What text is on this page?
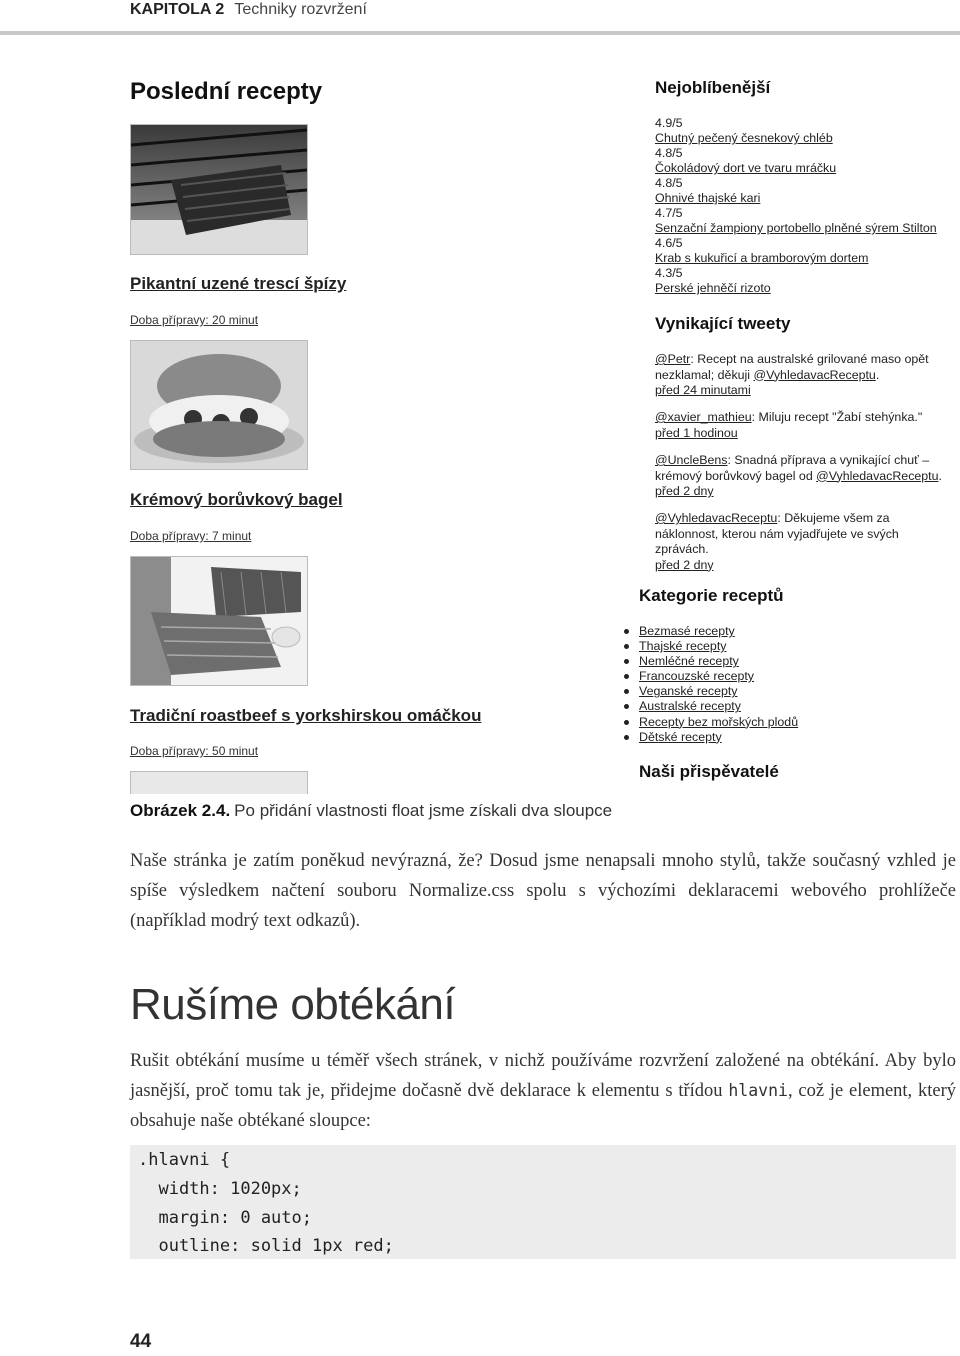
KAPITOLA 2 Techniky rozvržení
Poslední recepty
Pikantní uzené trescí špízy
Doba přípravy: 20 minut
Krémový borůvkový bagel
Doba přípravy: 7 minut
Tradiční roastbeef s yorkshirskou omáčkou
Doba přípravy: 50 minut
Nejoblíbenější
4.9/5
Chutný pečený česnekový chléb
4.8/5
Čokoládový dort ve tvaru mráčku
4.8/5
Ohnivé thajské kari
4.7/5
Senzační žampiony portobello plněné sýrem Stilton
4.6/5
Krab s kukuřicí a bramborovým dortem
4.3/5
Perské jehněčí rizoto
Vynikající tweety
@Petr: Recept na australské grilované maso opět nezklamal; děkuji @VyhledavacReceptu.
před 24 minutami
@xavier_mathieu: Miluju recept "Žabí stehýnka."
před 1 hodinou
@UncleBens: Snadná příprava a vynikající chuť – krémový borůvkový bagel od @VyhledavacReceptu.
před 2 dny
@VyhledavacReceptu: Děkujeme všem za náklonnost, kterou nám vyjadřujete ve svých zprávách.
před 2 dny
Kategorie receptů
Bezmasé recepty
Thajské recepty
Nemléčné recepty
Francouzské recepty
Veganské recepty
Australské recepty
Recepty bez mořských plodů
Dětské recepty
Naši přispěvatelé
Obrázek 2.4. Po přidání vlastnosti float jsme získali dva sloupce
Naše stránka je zatím poněkud nevýrazná, že? Dosud jsme nenapsali mnoho stylů, takže současný vzhled je spíše výsledkem načtení souboru Normalize.css spolu s výchozími deklaracemi webového prohlížeče (například modrý text odkazů).
Rušíme obtékání
Rušit obtékání musíme u téměř všech stránek, v nichž používáme rozvržení založené na obtékání. Aby bylo jasnější, proč tomu tak je, přidejme dočasně dvě deklarace k elementu s třídou hlavni, což je element, který obsahuje naše obtékané sloupce:
.hlavni {
width: 1020px;
margin: 0 auto;
outline: solid 1px red;
44
